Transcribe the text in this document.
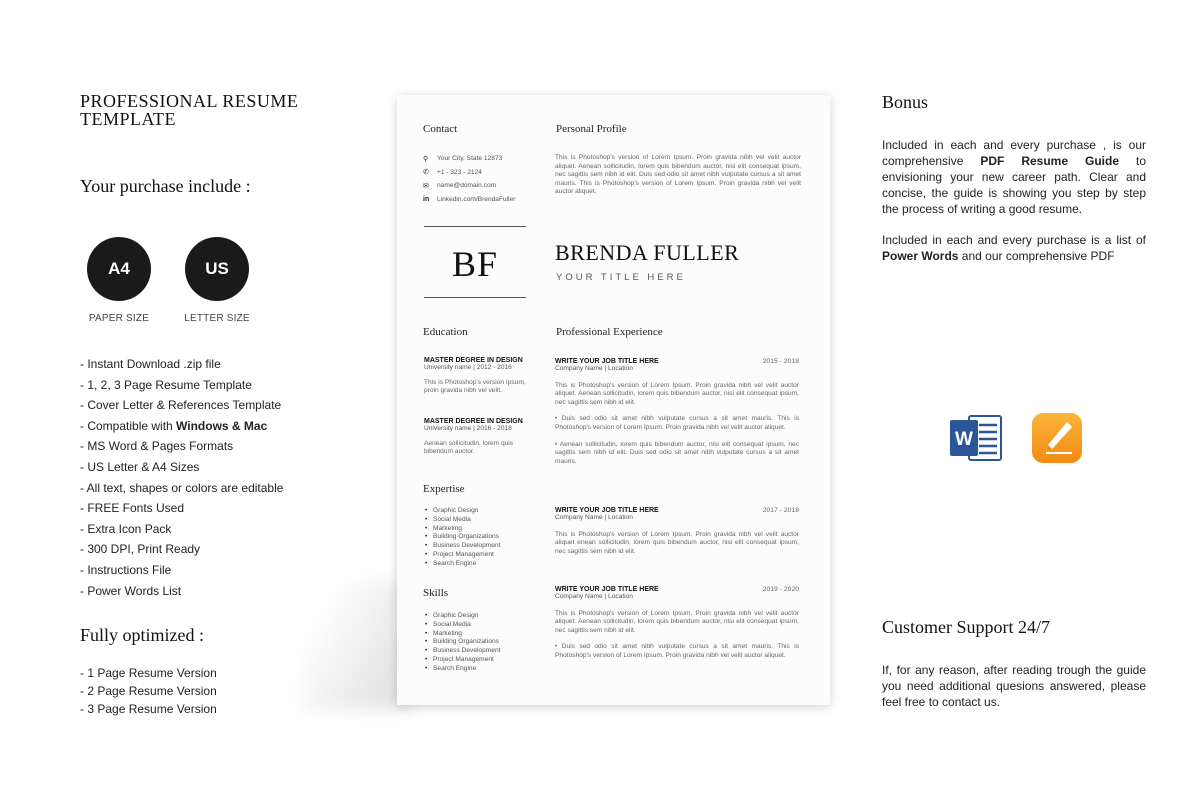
PROFESSIONAL RESUME
TEMPLATE
Your purchase include :
A4
PAPER SIZE
US
LETTER SIZE
- Instant Download .zip file
- 1, 2, 3 Page Resume Template
- Cover Letter & References Template
- Compatible with Windows & Mac
- MS Word & Pages Formats
- US Letter & A4 Sizes
- All text, shapes or colors are editable
- FREE Fonts Used
- Extra Icon Pack
- 300 DPI, Print Ready
- Instructions File
- Power Words List
Fully optimized :
- 1 Page Resume Version
- 2 Page Resume Version
- 3 Page Resume Version
Contact
⚲	Your City, State 12873
✆	+1 - 323 - 2124
✉	name@domain.com
in	Linkedin.com/BrendaFuller
Personal Profile
This is Photoshop's version of Lorem Ipsum. Proin gravida nibh vel velit auctor aliquet. Aenean sollicitudin, lorem quis bibendum auctor, nisi elit consequat ipsum, nec sagittis sem nibh id elit. Duis sed odio sit amet nibh vulputate cursus a sit amet mauris. This is Photoshop's version of Lorem Ipsum. Proin gravida nibh vel velit auctor aliquet.
BF	BRENDA FULLER
YOUR TITLE HERE
Education
MASTER DEGREE IN DESIGN
University name | 2012 - 2016
This is Photoshop's version Ipsum, proin gravida nibh vel velit.
MASTER DEGREE IN DESIGN
University name | 2016 - 2018
Aenean sollicitudin, lorem quis bibendum auctor.
Expertise
• Graphic Design
• Social Media
• Marketing
• Building Organizations
• Business Development
• Project Management
• Search Engine
Skills
• Graphic Design
• Social Media
• Marketing
• Building Organizations
• Business Development
• Project Management
• Search Engine
Professional Experience
WRITE YOUR JOB TITLE HERE	2015 - 2018
Company Name | Location
This is Photoshop's version of Lorem Ipsum. Proin gravida nibh vel velit auctor aliquet. Aenean sollicitudin, lorem quis bibendum auctor, nisi elit consequat ipsum, nec sagittis sem nibh id elit.
• Duis sed odio sit amet nibh vulputate cursus a sit amet mauris. This is Photoshop's version of Lorem Ipsum. Proin gravida nibh vel velit auctor aliquet.
• Aenean sollicitudin, lorem quis bibendum auctor, nisi elit consequat ipsum, nec sagittis sem nibh id elit. Duis sed odio sit amet nibh vulputate cursus a sit amet mauris.
WRITE YOUR JOB TITLE HERE	2017 - 2018
Company Name | Location
This is Photoshop's version of Lorem Ipsum. Proin gravida nibh vel velit auctor aliquet enean sollicitudin, lorem quis bibendum auctor, nisi elit consequat ipsum, nec sagittis sem nibh id elit.
WRITE YOUR JOB TITLE HERE	2019 - 2020
Company Name | Location
This is Photoshop's version of Lorem Ipsum. Proin gravida nibh vel velit auctor aliquet. Aenean sollicitudin, lorem quis bibendum auctor, nisi elit consequat ipsum, nec sagittis sem nibh id elit.
• Duis sed odio sit amet nibh vulputate cursus a sit amet mauris. This is Photoshop's version of Lorem Ipsum. Proin gravida nibh vel velit auctor aliquet.
Bonus

Included in each and every purchase , is our comprehensive PDF Resume Guide to envisioning your new career path. Clear and concise, the guide is showing you step by step the process of writing a good resume.

Included in each and every purchase is a list of Power Words and our comprehensive PDF

W
Customer Support 24/7

If, for any reason, after reading trough the guide you need additional quesions answered, please feel free to contact us.
